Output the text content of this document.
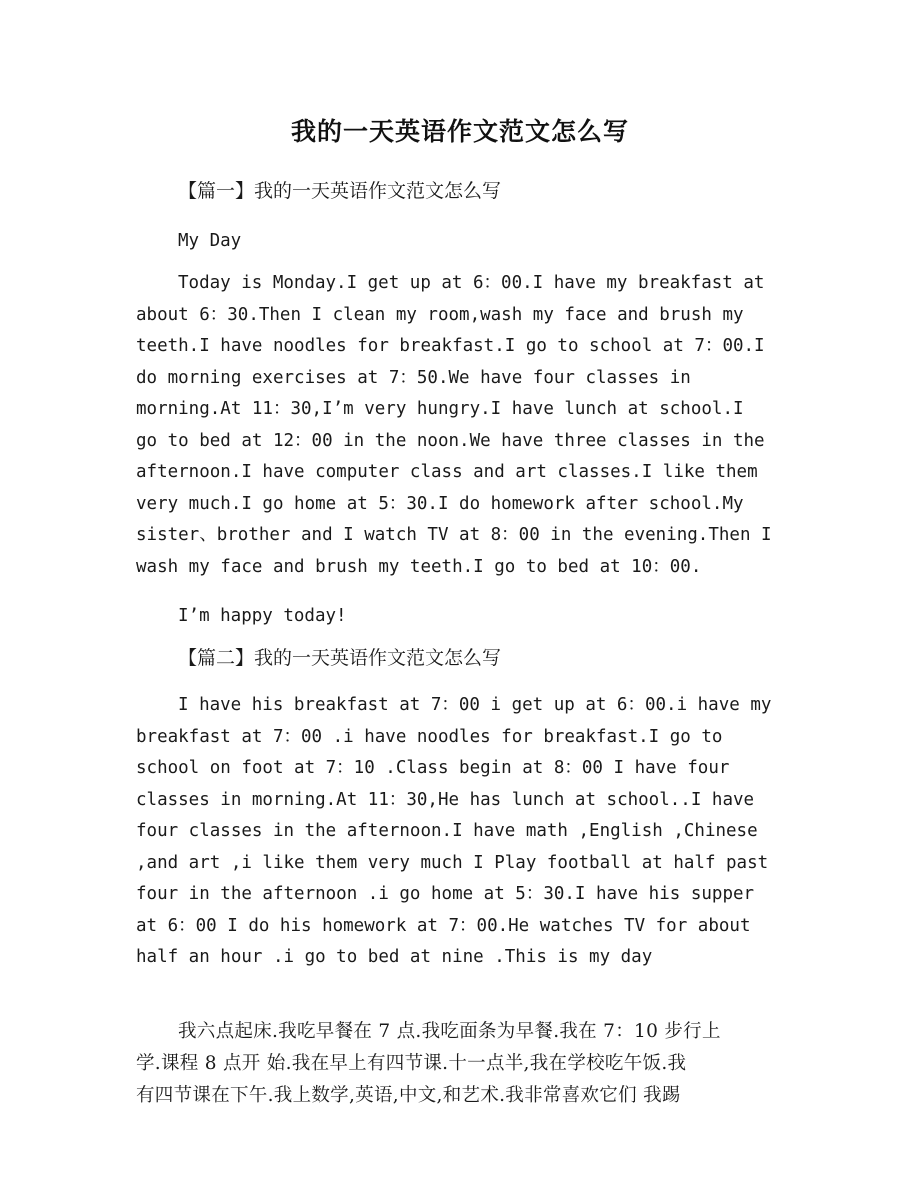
我的一天英语作文范文怎么写

【篇一】我的一天英语作文范文怎么写

My Day

Today is Monday.I get up at 6：00.I have my breakfast at
about 6：30.Then I clean my room,wash my face and brush my
teeth.I have noodles for breakfast.I go to school at 7：00.I
do morning exercises at 7：50.We have four classes in
morning.At 11：30,I’m very hungry.I have lunch at school.I
go to bed at 12：00 in the noon.We have three classes in the
afternoon.I have computer class and art classes.I like them
very much.I go home at 5：30.I do homework after school.My
sister、brother and I watch TV at 8：00 in the evening.Then I
wash my face and brush my teeth.I go to bed at 10：00.

I’m happy today!

【篇二】我的一天英语作文范文怎么写

I have his breakfast at 7：00 i get up at 6：00.i have my
breakfast at 7：00 .i have noodles for breakfast.I go to
school on foot at 7：10 .Class begin at 8：00 I have four
classes in morning.At 11：30,He has lunch at school..I have
four classes in the afternoon.I have math ,English ,Chinese
,and art ,i like them very much I Play football at half past
four in the afternoon .i go home at 5：30.I have his supper
at 6：00 I do his homework at 7：00.He watches TV for about
half an hour .i go to bed at nine .This is my day

我六点起床.我吃早餐在 7 点.我吃面条为早餐.我在 7：10 步行上
学.课程 8 点开 始.我在早上有四节课.十一点半,我在学校吃午饭.我
有四节课在下午.我上数学,英语,中文,和艺术.我非常喜欢它们 我踢
